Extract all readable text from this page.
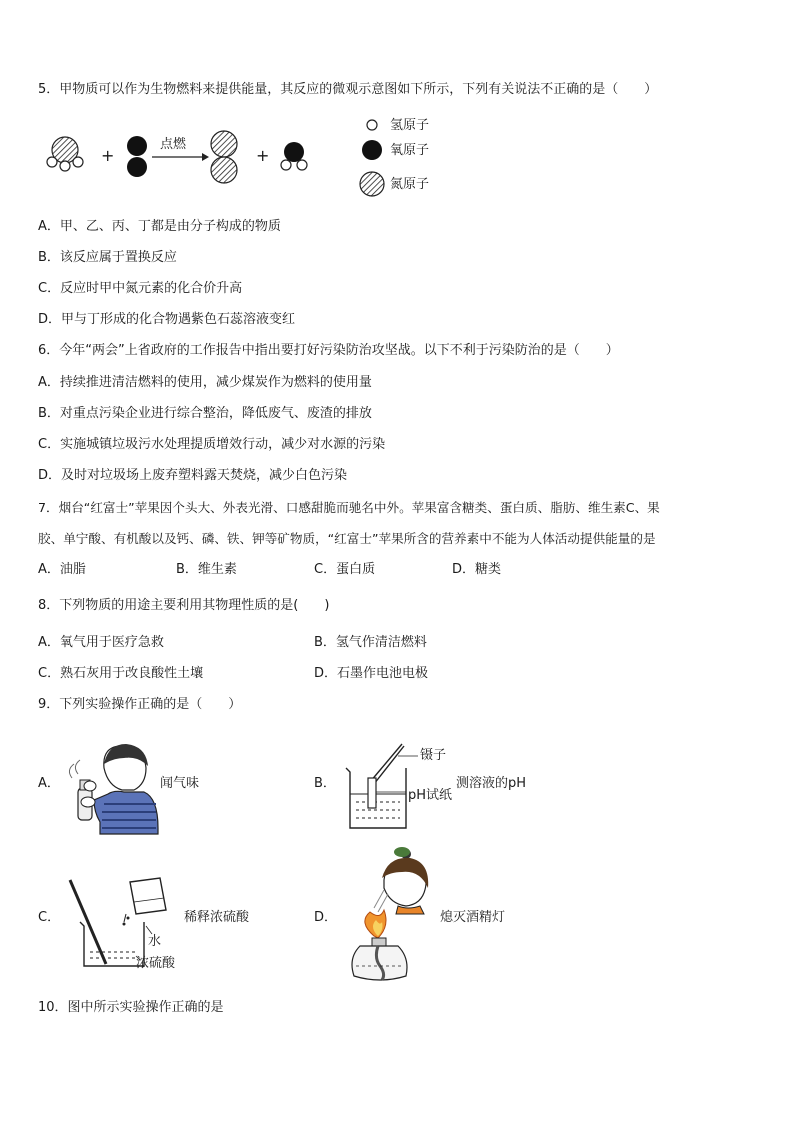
5．甲物质可以作为生物燃料来提供能量，其反应的微观示意图如下所示，下列有关说法不正确的是（　　）
+
点燃
+
氢原子
氧原子
氮原子
A．甲、乙、丙、丁都是由分子构成的物质
B．该反应属于置换反应
C．反应时甲中氮元素的化合价升高
D．甲与丁形成的化合物遇紫色石蕊溶液变红
6．今年“两会”上省政府的工作报告中指出要打好污染防治攻坚战。以下不利于污染防治的是（　　）
A．持续推进清洁燃料的使用，减少煤炭作为燃料的使用量
B．对重点污染企业进行综合整治，降低废气、废渣的排放
C．实施城镇垃圾污水处理提质增效行动，减少对水源的污染
D．及时对垃圾场上废弃塑料露天焚烧，减少白色污染
7．烟台“红富士”苹果因个头大、外表光滑、口感甜脆而驰名中外。苹果富含糖类、蛋白质、脂肪、维生素C、果
胶、单宁酸、有机酸以及钙、磷、铁、钾等矿物质，“红富士”苹果所含的营养素中不能为人体活动提供能量的是
A．油脂	B．维生素	C．蛋白质	D．糖类
8．下列物质的用途主要利用其物理性质的是(　　)
A．氧气用于医疗急救	B．氢气作清洁燃料
C．熟石灰用于改良酸性土壤	D．石墨作电池电极
9．下列实验操作正确的是（　　）
A．	闻气味	B．
镊子
pH试纸
测溶液的pH
C．
水
浓硫酸
稀释浓硫酸	D．	熄灭酒精灯
10．图中所示实验操作正确的是
